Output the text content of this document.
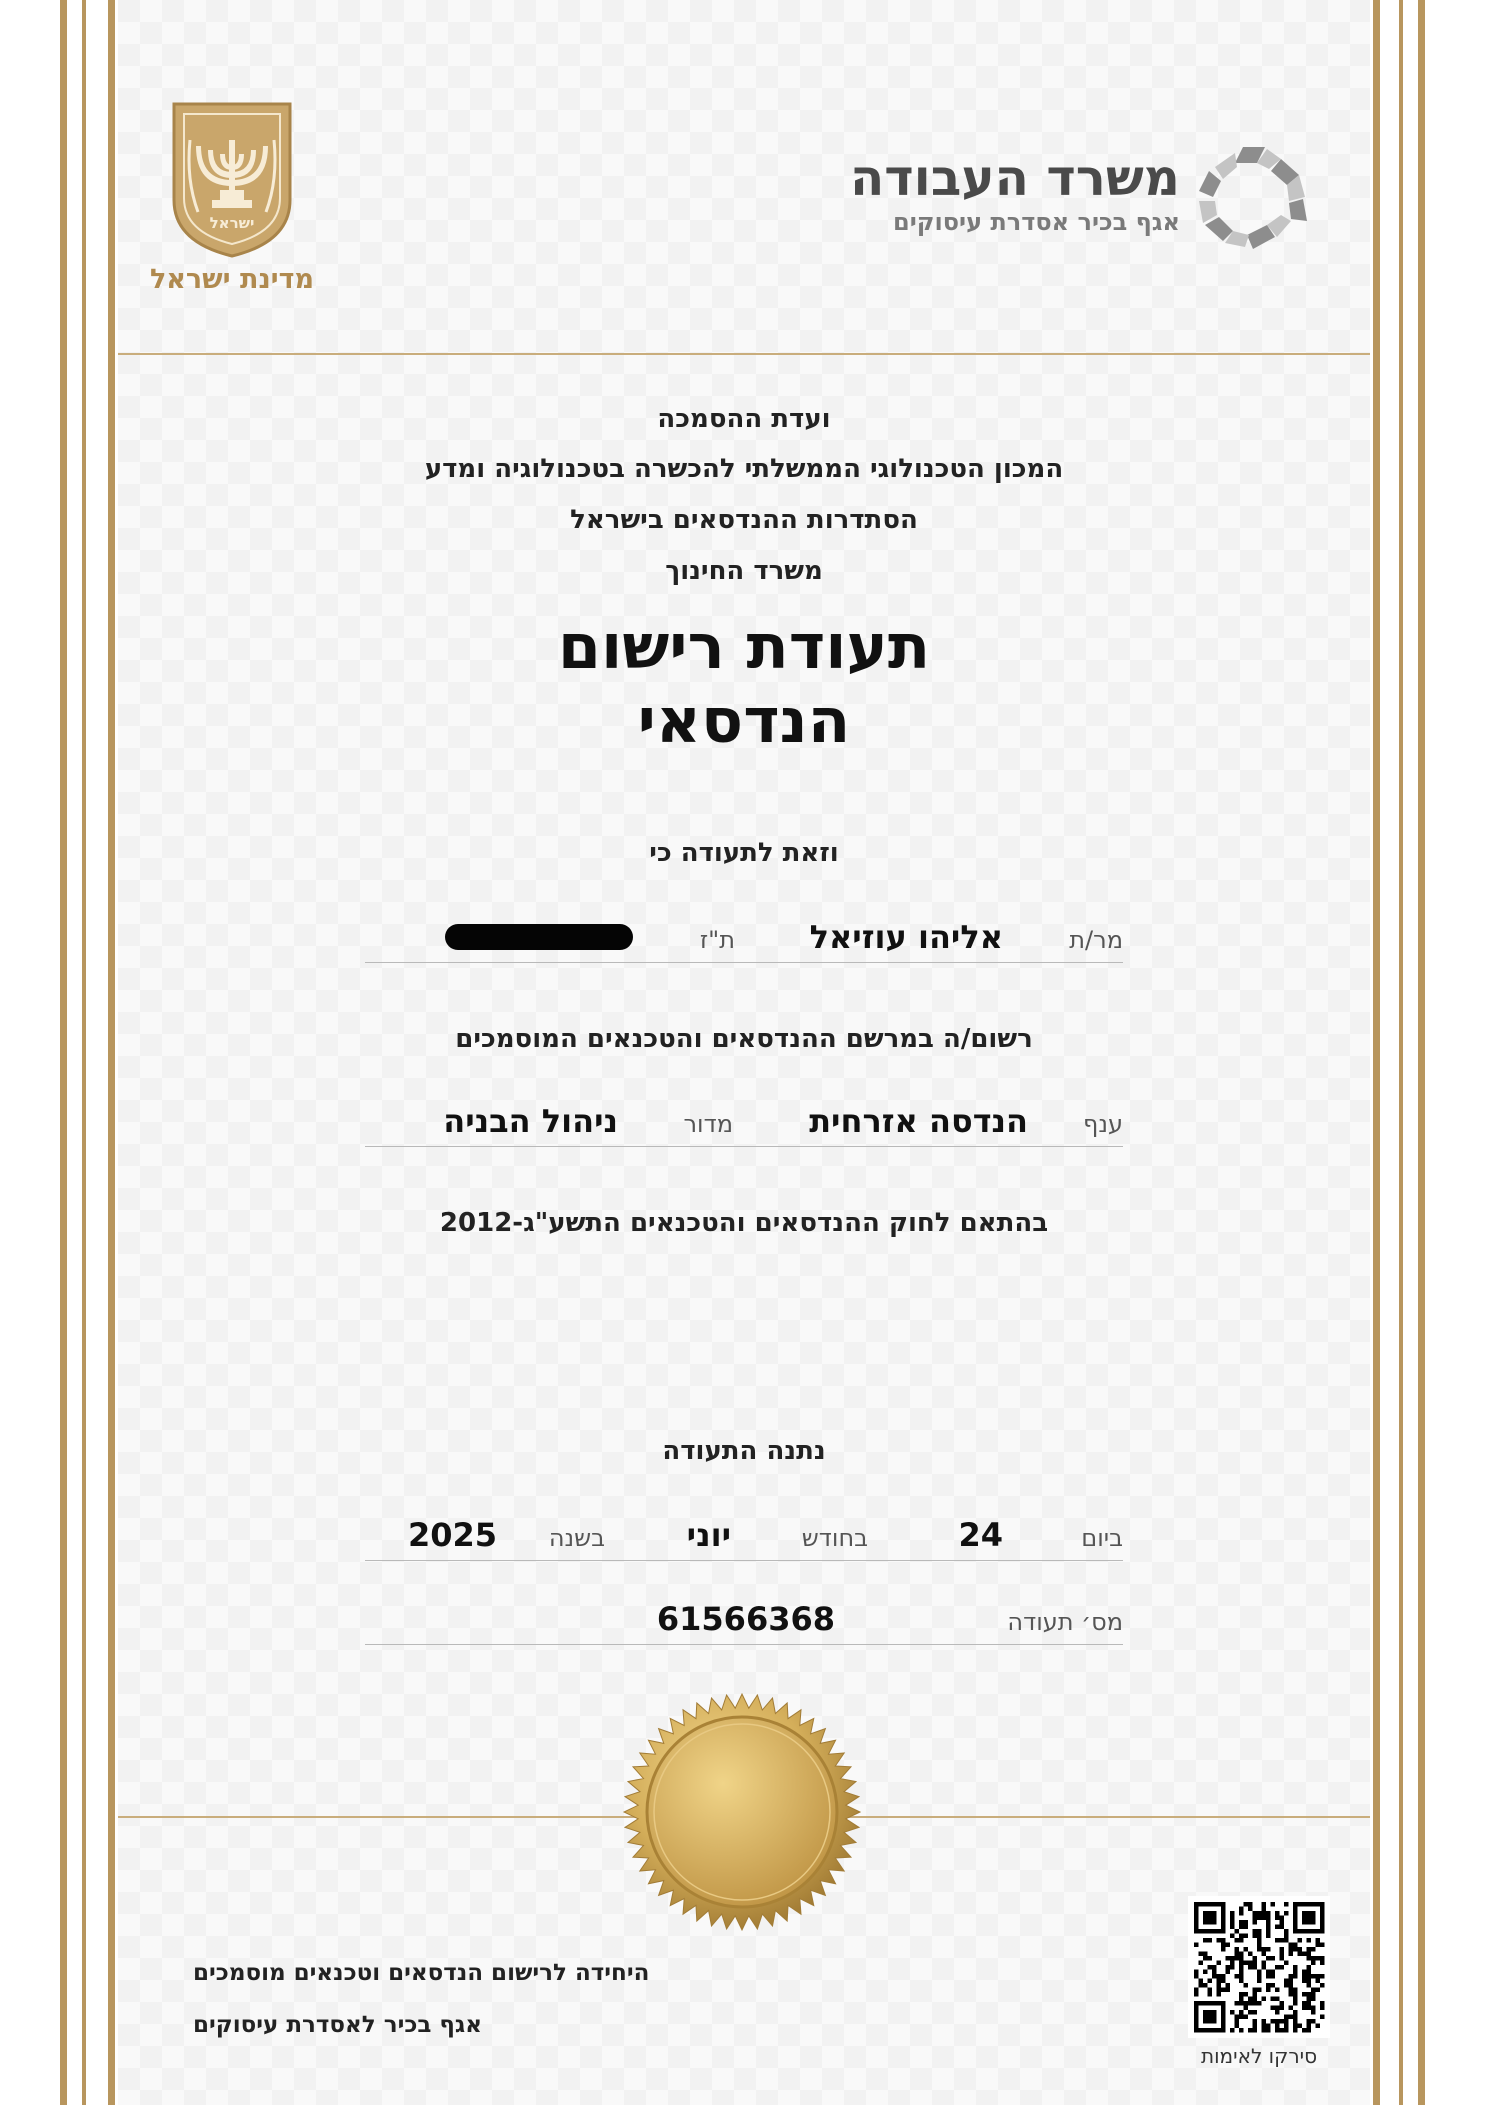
ישראל
מדינת ישראל
משרד העבודה
אגף בכיר אסדרת עיסוקים
ועדת ההסמכה
המכון הטכנולוגי הממשלתי להכשרה בטכנולוגיה ומדע
הסתדרות ההנדסאים בישראל
משרד החינוך
תעודת רישום
הנדסאי
וזאת לתעודה כי
מר/ת
אליהו עוזיאל
ת"ז
רשום/ה במרשם ההנדסאים והטכנאים המוסמכים
ענף
הנדסה אזרחית
מדור
ניהול הבניה
בהתאם לחוק ההנדסאים והטכנאים התשע"ג-2012
נתנה התעודה
ביום
24
בחודש
יוני
בשנה
2025
מס׳ תעודה
61566368
היחידה לרישום הנדסאים וטכנאים מוסמכים
אגף בכיר לאסדרת עיסוקים
סירקו לאימות
